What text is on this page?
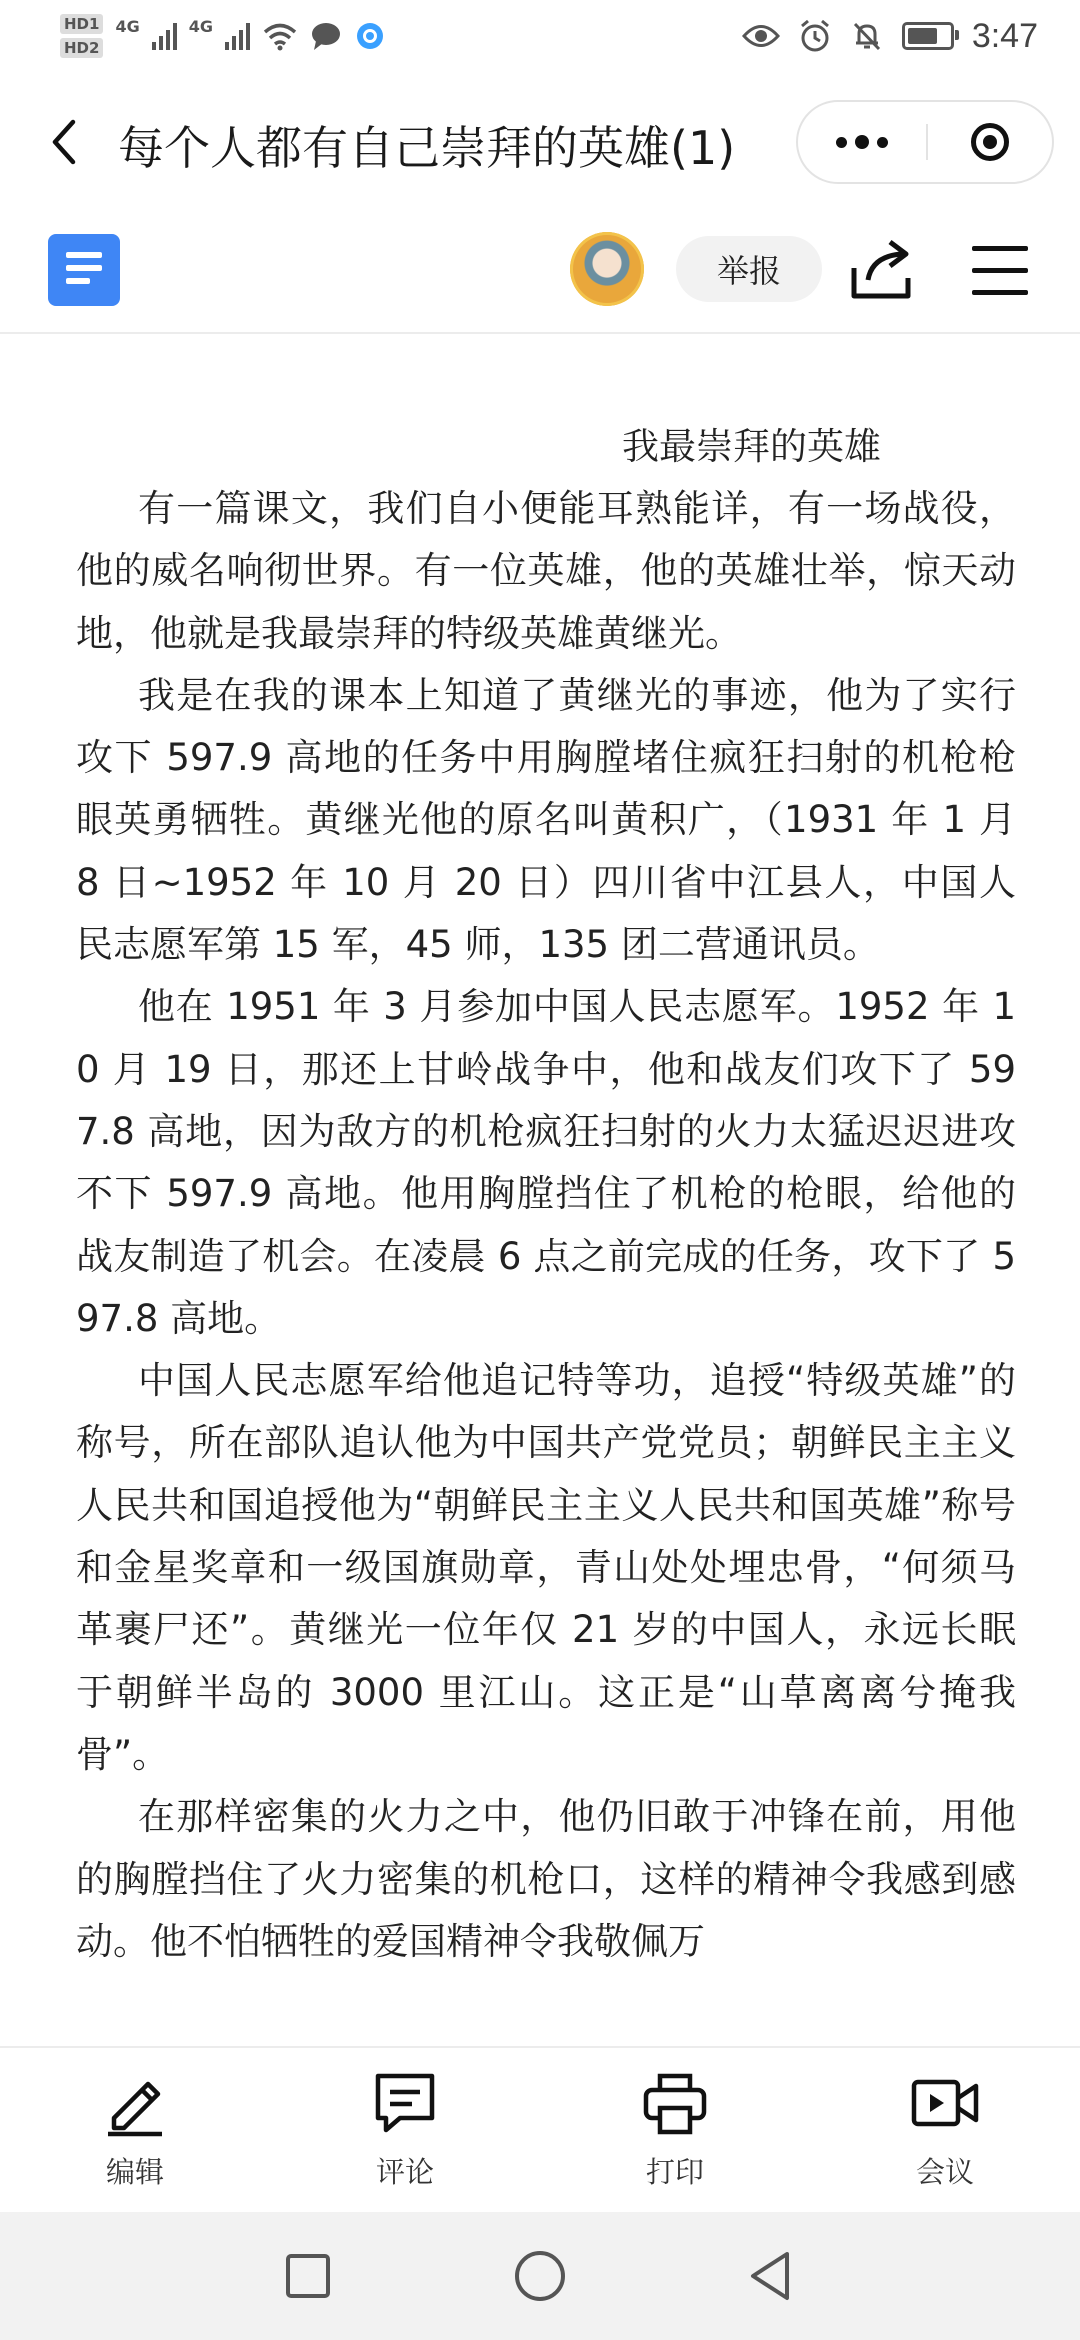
HD1
HD2
4G	4G	3:47
每个人都有自己崇拜的英雄(1)
举报
我最崇拜的英雄

有一篇课文，我们自小便能耳熟能详，有一场战役，他的威名响彻世界。有一位英雄，他的英雄壮举，惊天动地，他就是我最崇拜的特级英雄黄继光。

我是在我的课本上知道了黄继光的事迹，他为了实行攻下 597.9 高地的任务中用胸膛堵住疯狂扫射的机枪枪眼英勇牺牲。黄继光他的原名叫黄积广，（1931 年 1 月 8 日~1952 年 10 月 20 日）四川省中江县人，中国人民志愿军第 15 军，45 师，135 团二营通讯员。

他在 1951 年 3 月参加中国人民志愿军。1952 年 10 月 19 日，那还上甘岭战争中，他和战友们攻下了 597.8 高地，因为敌方的机枪疯狂扫射的火力太猛迟迟进攻不下 597.9 高地。他用胸膛挡住了机枪的枪眼，给他的战友制造了机会。在凌晨 6 点之前完成的任务，攻下了 597.8 高地。

中国人民志愿军给他追记特等功，追授“特级英雄”的称号，所在部队追认他为中国共产党党员；朝鲜民主主义人民共和国追授他为“朝鲜民主主义人民共和国英雄”称号和金星奖章和一级国旗勋章，青山处处埋忠骨，“何须马革裹尸还”。黄继光一位年仅 21 岁的中国人，永远长眠于朝鲜半岛的 3000 里江山。这正是“山草离离兮掩我骨”。

在那样密集的火力之中，他仍旧敢于冲锋在前，用他的胸膛挡住了火力密集的机枪口，这样的精神令我感到感动。他不怕牺牲的爱国精神令我敬佩万

编辑	评论	打印	会议
